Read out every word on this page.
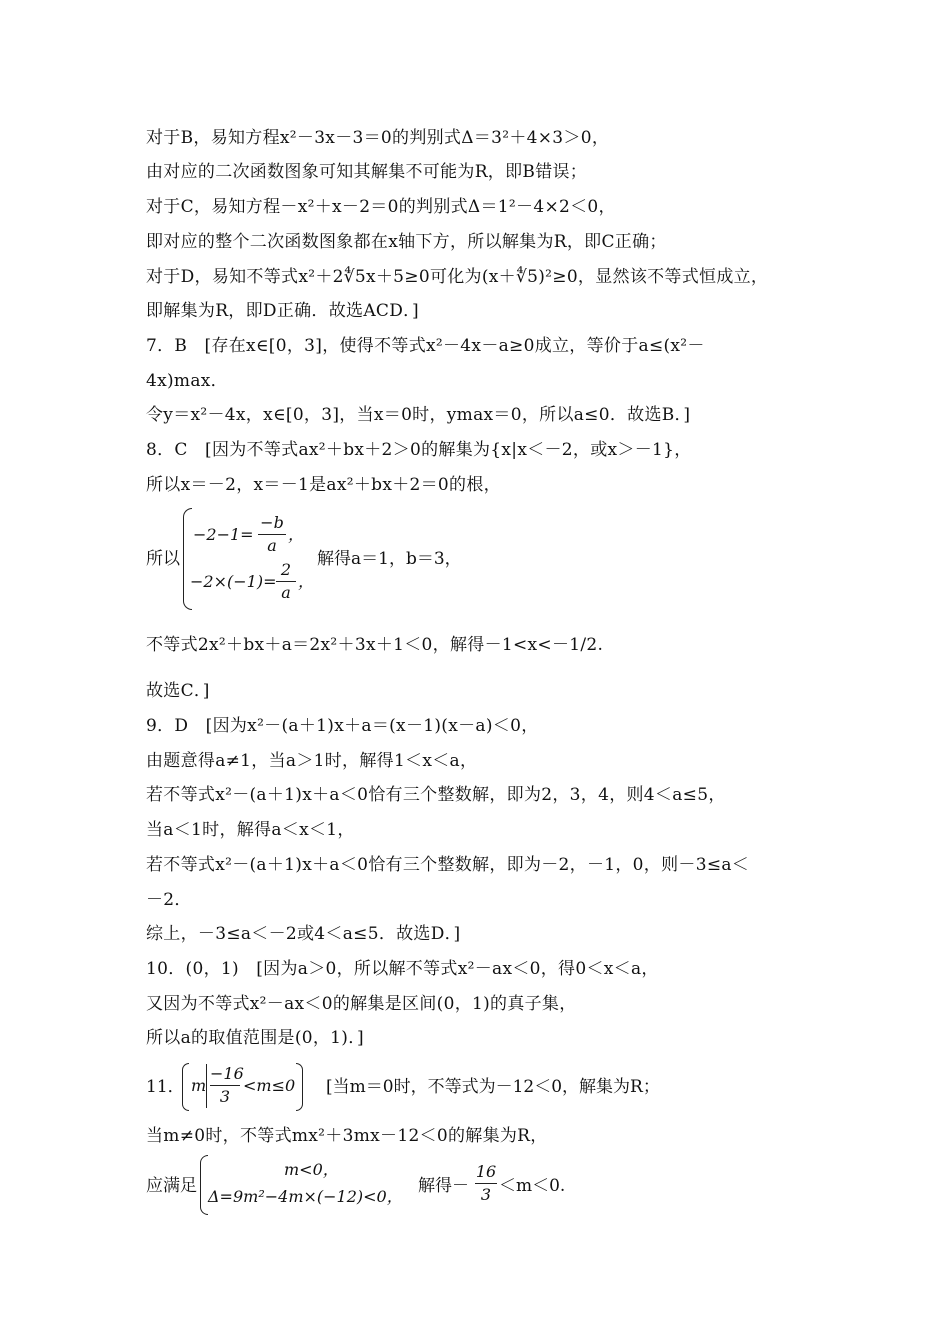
对于B，易知方程x²－3x－3＝0的判别式Δ＝3²＋4×3＞0，
由对应的二次函数图象可知其解集不可能为R，即B错误；
对于C，易知方程－x²＋x－2＝0的判别式Δ＝1²－4×2＜0，
即对应的整个二次函数图象都在x轴下方，所以解集为R，即C正确；
对于D，易知不等式x²＋2∜5x＋5≥0可化为(x＋∜5)²≥0，显然该不等式恒成立，
即解集为R，即D正确．故选ACD．]
7．B　[存在x∈[0，3]，使得不等式x²－4x－a≥0成立，等价于a≤(x²－
4x)max．
令y＝x²－4x，x∈[0，3]，当x＝0时，ymax＝0，所以a≤0．故选B．]
8．C　[因为不等式ax²＋bx＋2＞0的解集为{x|x＜－2，或x＞－1}，
所以x＝－2，x＝－1是ax²＋bx＋2＝0的根，
所以
−2−1=
−b
a
，
−2×(−1)=
2
a
，
解得a＝1，b＝3，
不等式2x²＋bx＋a＝2x²＋3x＋1＜0，解得－1<x<－1/2.
故选C．]
9．D　[因为x²－(a＋1)x＋a＝(x－1)(x－a)＜0，
由题意得a≠1，当a＞1时，解得1＜x＜a，
若不等式x²－(a＋1)x＋a＜0恰有三个整数解，即为2，3，4，则4＜a≤5，
当a＜1时，解得a＜x＜1，
若不等式x²－(a＋1)x＋a＜0恰有三个整数解，即为－2，－1，0，则－3≤a＜
－2．
综上，－3≤a＜－2或4＜a≤5．故选D．]
10．(0，1)　[因为a＞0，所以解不等式x²－ax＜0，得0＜x＜a，
又因为不等式x²－ax＜0的解集是区间(0，1)的真子集，
所以a的取值范围是(0，1)．]
11． m
−16
3
<m≤0 [当m＝0时，不等式为－12＜0，解集为R；
当m≠0时，不等式mx²＋3mx－12＜0的解集为R，
应满足
m<0，
Δ=9m²−4m×(−12)<0，
解得－
16
3 ＜m＜0.
